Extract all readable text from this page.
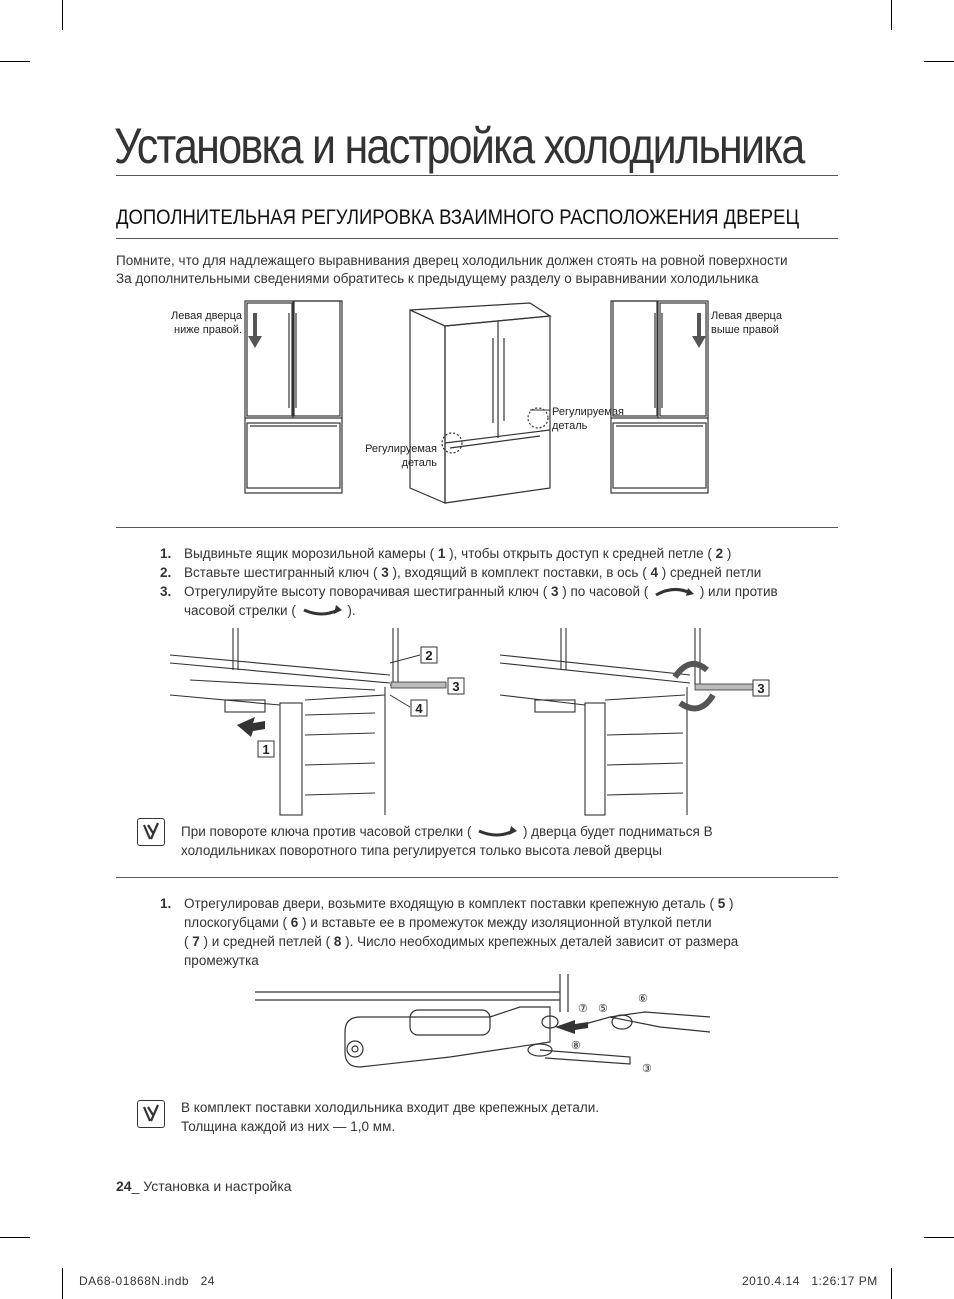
Установка и настройка холодильника
ДОПОЛНИТЕЛЬНАЯ РЕГУЛИРОВКА ВЗАИМНОГО РАСПОЛОЖЕНИЯ ДВЕРЕЦ
Помните, что для надлежащего выравнивания дверец холодильник должен стоять на ровной поверхности
За дополнительными сведениями обратитесь к предыдущему разделу о выравнивании холодильника
Левая дверца
ниже правой.
Левая дверца
выше правой
Регулируемая
деталь
Регулируемая
деталь
1. Выдвиньте ящик морозильной камеры ( 1 ), чтобы открыть доступ к средней петле ( 2 )
2. Вставьте шестигранный ключ ( 3 ), входящий в комплект поставки, в ось ( 4 ) средней петли
3. Отрегулируйте высоту поворачивая шестигранный ключ ( 3 ) по часовой (	) или против
часовой стрелки (	).
2
3
4
1
3
При повороте ключа против часовой стрелки (	) дверца будет подниматься В
холодильниках поворотного типа регулируется только высота левой дверцы
1. Отрегулировав двери, возьмите входящую в комплект поставки крепежную деталь ( 5 )
плоскогубцами ( 6 ) и вставьте ее в промежуток между изоляционной втулкой петли
( 7 ) и средней петлей ( 8 ). Число необходимых крепежных деталей зависит от размера
промежутка
⑦ ⑤
⑥
⑧
③
В комплект поставки холодильника входит две крепежных детали.
Толщина каждой из них — 1,0 мм.
24_ Установка и настройка
DA68-01868N.indb   24	2010.4.14   1:26:17 PM
